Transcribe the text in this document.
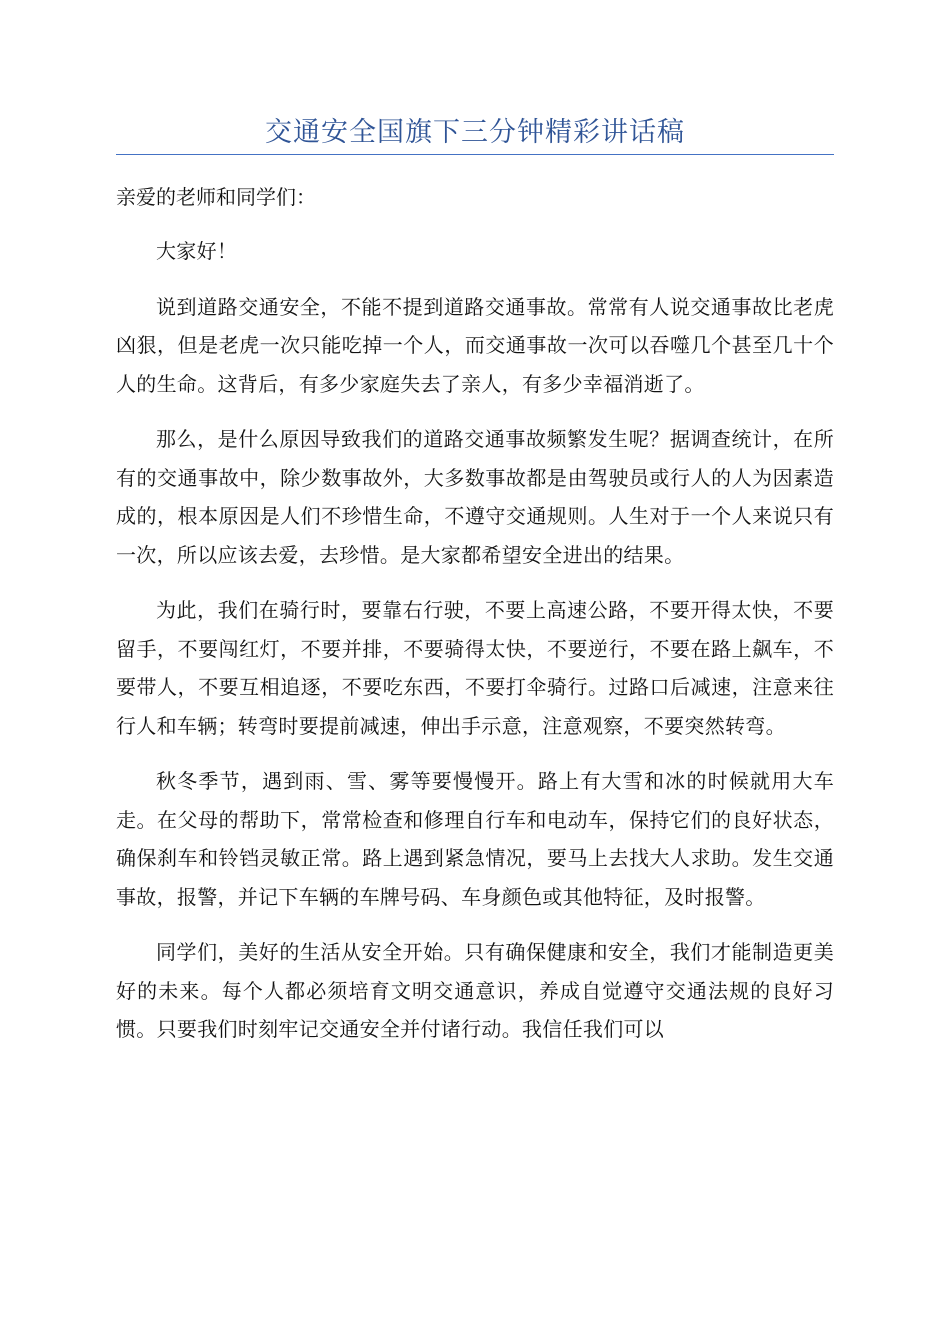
交通安全国旗下三分钟精彩讲话稿

亲爱的老师和同学们：

大家好！

说到道路交通安全，不能不提到道路交通事故。常常有人说交通事故比老虎凶狠，但是老虎一次只能吃掉一个人，而交通事故一次可以吞噬几个甚至几十个人的生命。这背后，有多少家庭失去了亲人，有多少幸福消逝了。

那么，是什么原因导致我们的道路交通事故频繁发生呢？据调查统计，在所有的交通事故中，除少数事故外，大多数事故都是由驾驶员或行人的人为因素造成的，根本原因是人们不珍惜生命，不遵守交通规则。人生对于一个人来说只有一次，所以应该去爱，去珍惜。是大家都希望安全进出的结果。

为此，我们在骑行时，要靠右行驶，不要上高速公路，不要开得太快，不要留手，不要闯红灯，不要并排，不要骑得太快，不要逆行，不要在路上飙车，不要带人，不要互相追逐，不要吃东西，不要打伞骑行。过路口后减速，注意来往行人和车辆；转弯时要提前减速，伸出手示意，注意观察，不要突然转弯。

秋冬季节，遇到雨、雪、雾等要慢慢开。路上有大雪和冰的时候就用大车走。在父母的帮助下，常常检查和修理自行车和电动车，保持它们的良好状态，确保刹车和铃铛灵敏正常。路上遇到紧急情况，要马上去找大人求助。发生交通事故，报警，并记下车辆的车牌号码、车身颜色或其他特征，及时报警。

同学们，美好的生活从安全开始。只有确保健康和安全，我们才能制造更美好的未来。每个人都必须培育文明交通意识，养成自觉遵守交通法规的良好习惯。只要我们时刻牢记交通安全并付诸行动。我信任我们可以
